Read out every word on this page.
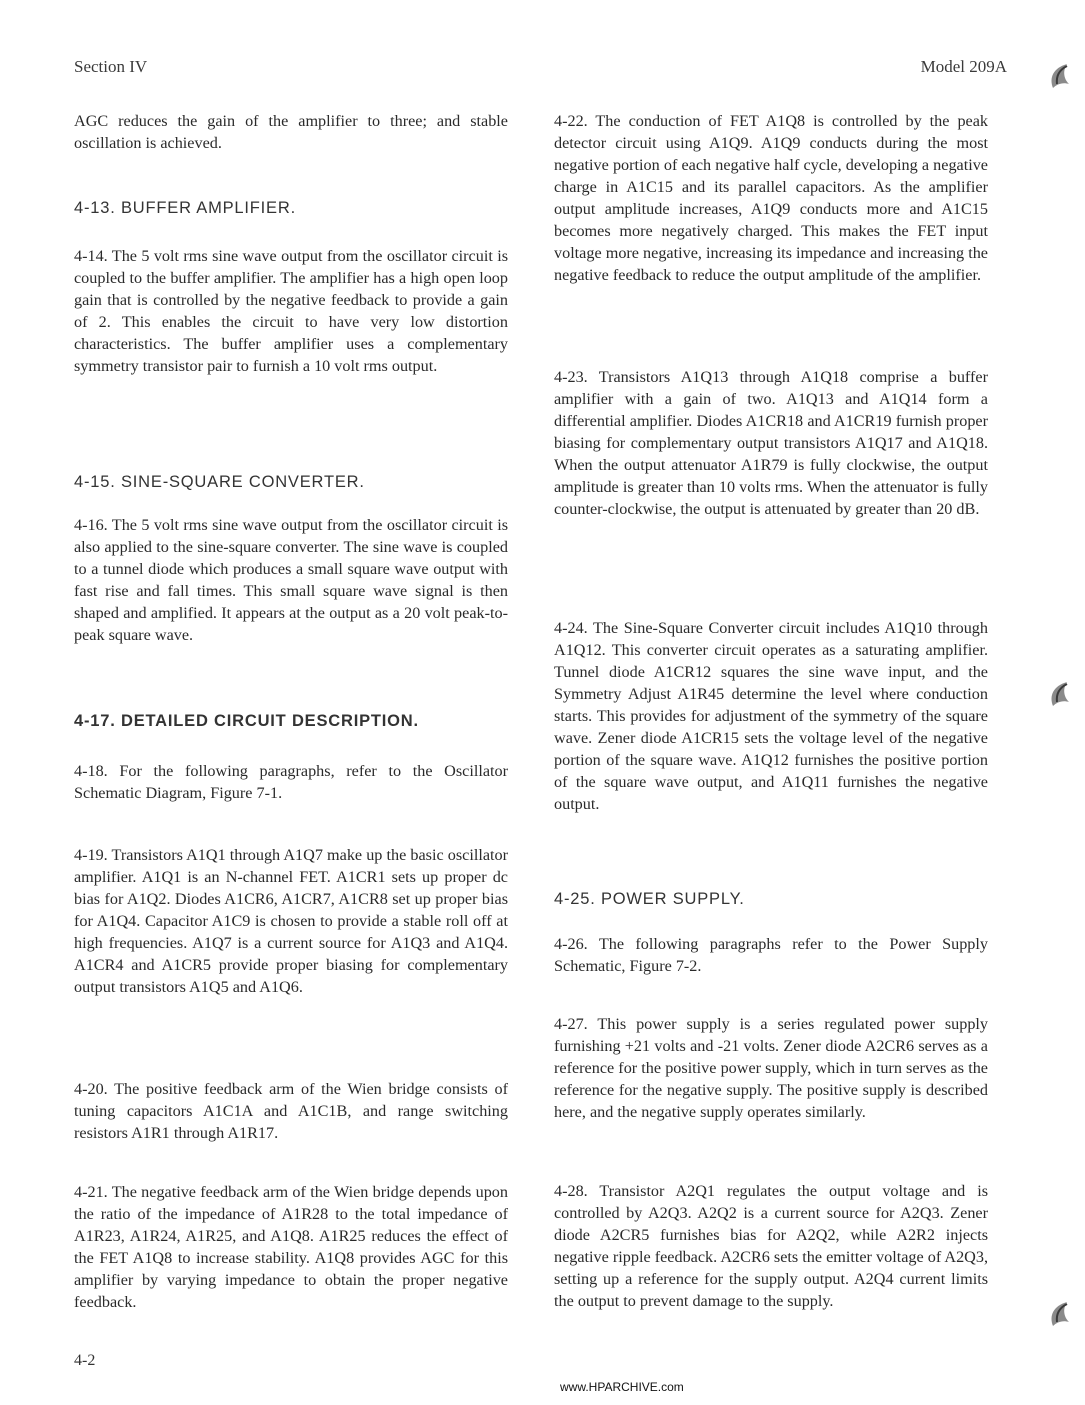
Section IV	Model 209A

AGC reduces the gain of the amplifier to three; and stable oscillation is achieved.

4-13. BUFFER AMPLIFIER.

4-14. The 5 volt rms sine wave output from the oscillator circuit is coupled to the buffer amplifier. The amplifier has a high open loop gain that is controlled by the negative feedback to provide a gain of 2. This enables the circuit to have very low distortion characteristics. The buffer amplifier uses a complementary symmetry transistor pair to furnish a 10 volt rms output.

4-15. SINE-SQUARE CONVERTER.

4-16. The 5 volt rms sine wave output from the oscillator circuit is also applied to the sine-square converter. The sine wave is coupled to a tunnel diode which produces a small square wave output with fast rise and fall times. This small square wave signal is then shaped and amplified. It appears at the output as a 20 volt peak-to-peak square wave.

4-17. DETAILED CIRCUIT DESCRIPTION.

4-18. For the following paragraphs, refer to the Oscillator Schematic Diagram, Figure 7-1.

4-19. Transistors A1Q1 through A1Q7 make up the basic oscillator amplifier. A1Q1 is an N-channel FET. A1CR1 sets up proper dc bias for A1Q2. Diodes A1CR6, A1CR7, A1CR8 set up proper bias for A1Q4. Capacitor A1C9 is chosen to provide a stable roll off at high frequencies. A1Q7 is a current source for A1Q3 and A1Q4. A1CR4 and A1CR5 provide proper biasing for complementary output transistors A1Q5 and A1Q6.

4-20. The positive feedback arm of the Wien bridge consists of tuning capacitors A1C1A and A1C1B, and range switching resistors A1R1 through A1R17.

4-21. The negative feedback arm of the Wien bridge depends upon the ratio of the impedance of A1R28 to the total impedance of A1R23, A1R24, A1R25, and A1Q8. A1R25 reduces the effect of the FET A1Q8 to increase stability. A1Q8 provides AGC for this amplifier by varying impedance to obtain the proper negative feedback.

4-22. The conduction of FET A1Q8 is controlled by the peak detector circuit using A1Q9. A1Q9 conducts during the most negative portion of each negative half cycle, developing a negative charge in A1C15 and its parallel capacitors. As the amplifier output amplitude increases, A1Q9 conducts more and A1C15 becomes more negatively charged. This makes the FET input voltage more negative, increasing its impedance and increasing the negative feedback to reduce the output amplitude of the amplifier.

4-23. Transistors A1Q13 through A1Q18 comprise a buffer amplifier with a gain of two. A1Q13 and A1Q14 form a differential amplifier. Diodes A1CR18 and A1CR19 furnish proper biasing for complementary output transistors A1Q17 and A1Q18. When the output attenuator A1R79 is fully clockwise, the output amplitude is greater than 10 volts rms. When the attenuator is fully counter-clockwise, the output is attenuated by greater than 20 dB.

4-24. The Sine-Square Converter circuit includes A1Q10 through A1Q12. This converter circuit operates as a saturating amplifier. Tunnel diode A1CR12 squares the sine wave input, and the Symmetry Adjust A1R45 determine the level where conduction starts. This provides for adjustment of the symmetry of the square wave. Zener diode A1CR15 sets the voltage level of the negative portion of the square wave. A1Q12 furnishes the positive portion of the square wave output, and A1Q11 furnishes the negative output.

4-25. POWER SUPPLY.

4-26. The following paragraphs refer to the Power Supply Schematic, Figure 7-2.

4-27. This power supply is a series regulated power supply furnishing +21 volts and -21 volts. Zener diode A2CR6 serves as a reference for the positive power supply, which in turn serves as the reference for the negative supply. The positive supply is described here, and the negative supply operates similarly.

4-28. Transistor A2Q1 regulates the output voltage and is controlled by A2Q3. A2Q2 is a current source for A2Q3. Zener diode A2CR5 furnishes bias for A2Q2, while A2R2 injects negative ripple feedback. A2CR6 sets the emitter voltage of A2Q3, setting up a reference for the supply output. A2Q4 current limits the output to prevent damage to the supply.

4-2
www.HPARCHIVE.com
